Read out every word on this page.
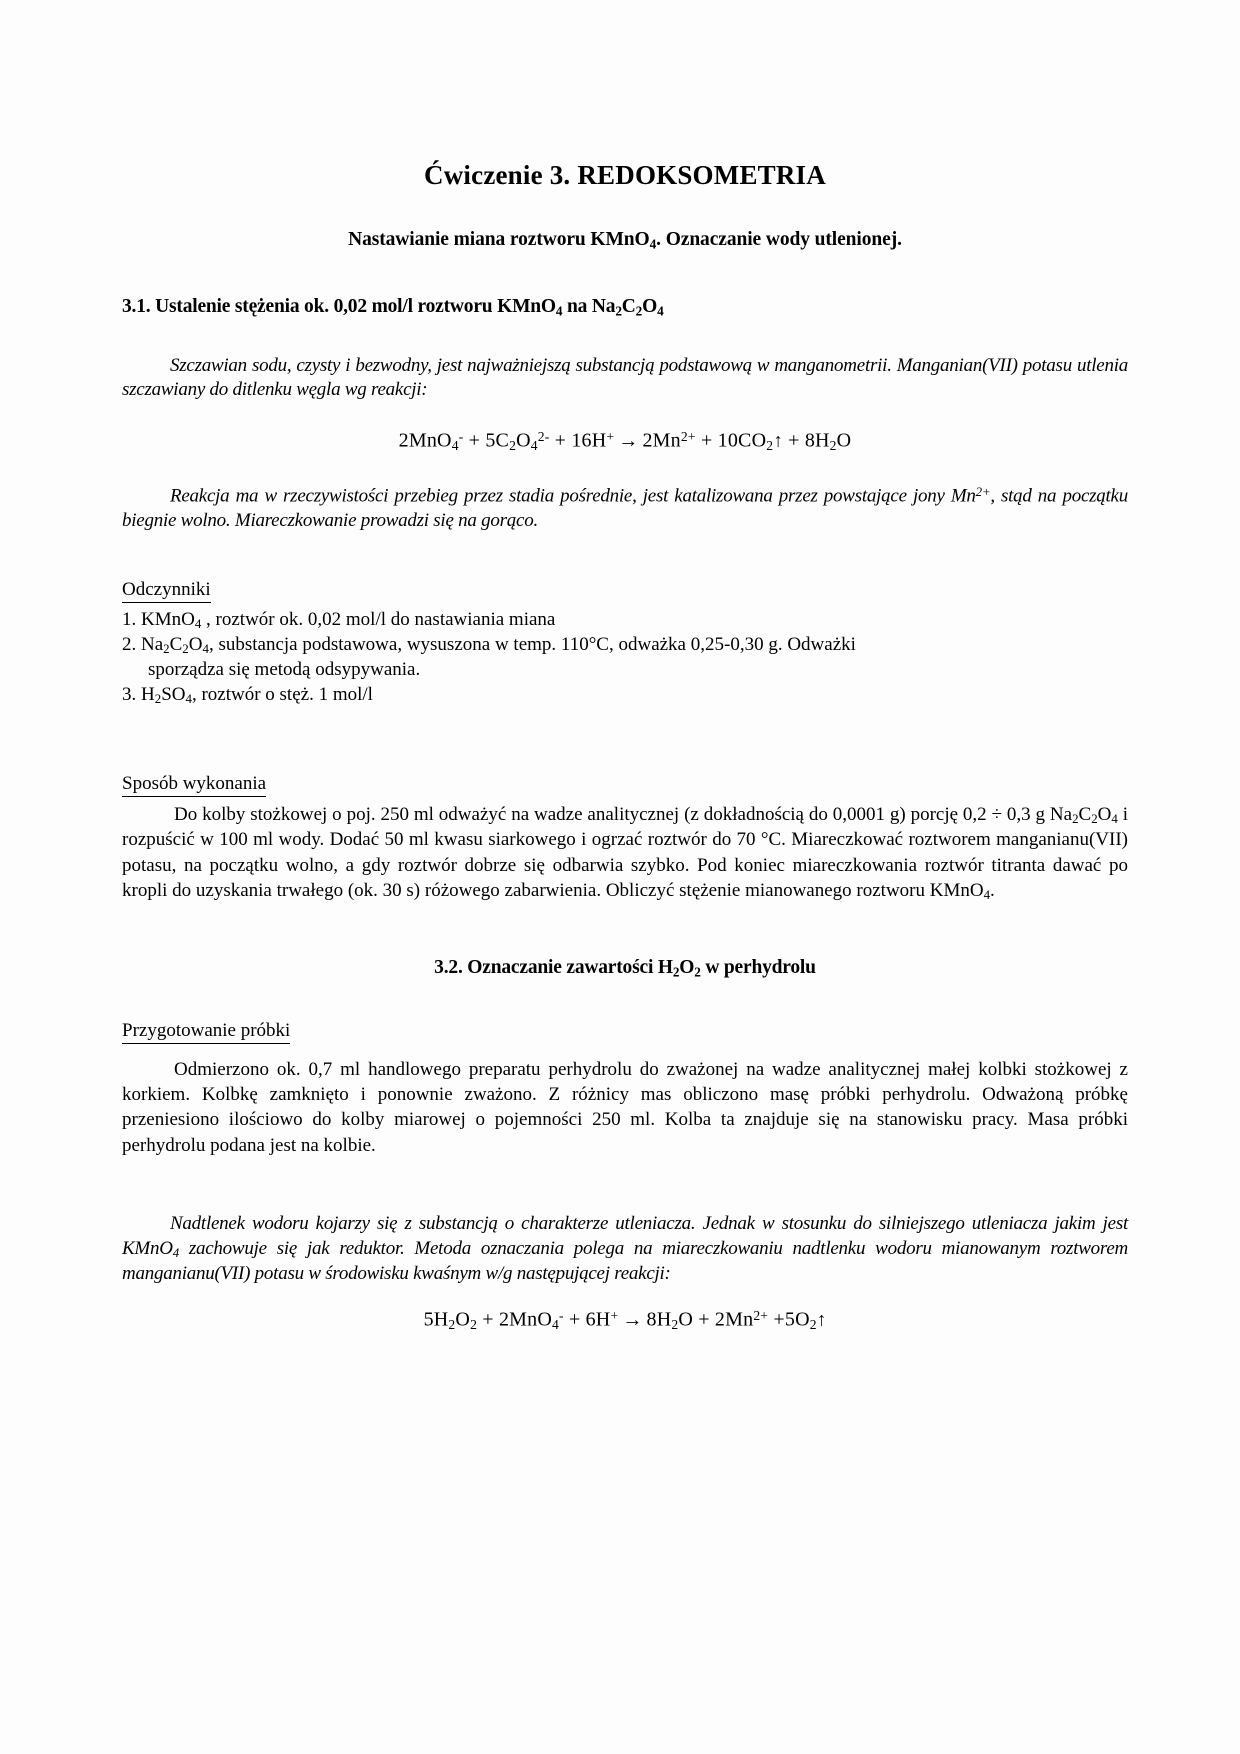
Ćwiczenie 3. REDOKSOMETRIA

Nastawianie miana roztworu KMnO$_4$. Oznaczanie wody utlenionej.

3.1. Ustalenie stężenia ok. 0,02 mol/l roztworu KMnO$_4$ na $Na_2C_2O_4$

Szczawian sodu, czysty i bezwodny, jest najważniejszą substancją podstawową w manganometrii. Manganian(VII) potasu utlenia szczawiany do ditlenku węgla wg reakcji:

$2MnO_4^- + 5C_2O_4^{2-} + 16H^+ \to 2Mn^{2+}$ + $10CO_2↑ + 8H_2O$

Reakcja ma w rzeczywistości przebieg przez stadia pośrednie, jest katalizowana przez powstające jony $Mn^{2+}$, stąd na początku biegnie wolno. Miareczkowanie prowadzi się na gorąco.

Odczynniki

1. KMnO$_4$ , roztwór ok. 0,02 mol/l do nastawiania miana

2. $Na_2C_2O_4$, substancja podstawowa, wysuszona w temp. 110°C, odważka 0,25-0,30 g. Odważki

sporządza się metodą odsypywania.

3. $H_2SO_4$, roztwór o stęż. 1 mol/l

Sposób wykonania

Do kolby stożkowej o poj. 250 ml odważyć na wadze analitycznej (z dokładnością do 0,0001 g) porcję 0,2 ÷ 0,3 g $Na_2C_2O_4$ i rozpuścić w 100 ml wody. Dodać 50 ml kwasu siarkowego i ogrzać roztwór do 70 °C. Miareczkować roztworem manganianu(VII) potasu, na początku wolno, a gdy roztwór dobrze się odbarwia szybko. Pod koniec miareczkowania roztwór titranta dawać po kropli do uzyskania trwałego (ok. 30 s) różowego zabarwienia. Obliczyć stężenie mianowanego roztworu KMnO$_4$.

3.2. Oznaczanie zawartości $H_2O_2$ w perhydrolu

Przygotowanie próbki

Odmierzono ok. 0,7 ml handlowego preparatu perhydrolu do zważonej na wadze analitycznej małej kolbki stożkowej z korkiem. Kolbkę zamknięto i ponownie zważono. Z różnicy mas obliczono masę próbki perhydrolu. Odważoną próbkę przeniesiono ilościowo do kolby miarowej o pojemności 250 ml. Kolba ta znajduje się na stanowisku pracy. Masa próbki perhydrolu podana jest na kolbie.

Nadtlenek wodoru kojarzy się z substancją o charakterze utleniacza. Jednak w stosunku do silniejszego utleniacza jakim jest KMnO$_4$ zachowuje się jak reduktor. Metoda oznaczania polega na miareczkowaniu nadtlenku wodoru mianowanym roztworem manganianu(VII) potasu w środowisku kwaśnym w/g następującej reakcji:

$5H_2O_2 + 2MnO_4^- + 6H^+ \to 8H_2O + 2Mn^{2+}$ $+5O_2↑$
